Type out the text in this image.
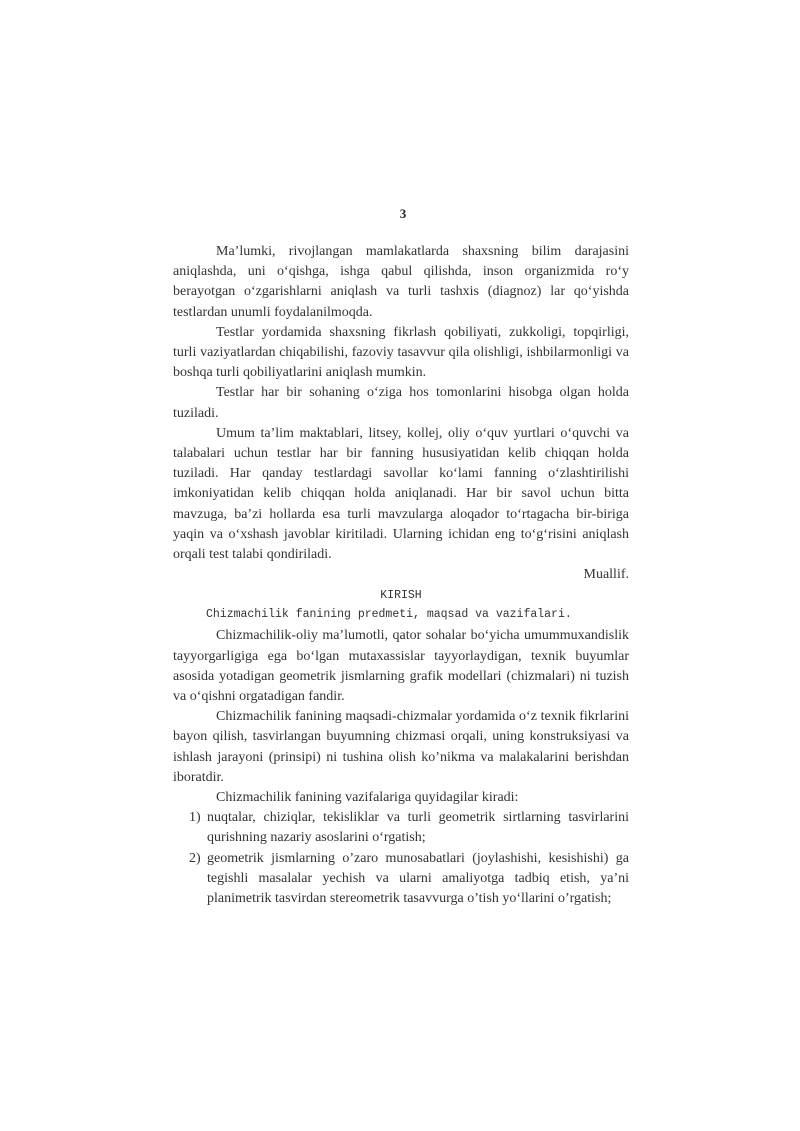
3

Ma’lumki, rivojlangan mamlakatlarda shaxsning bilim darajasini aniqlashda, uni o‘qishga, ishga qabul qilishda, inson organizmida ro‘y berayotgan o‘zgarishlarni aniqlash va turli tashxis (diagnoz) lar qo‘yishda testlardan unumli foydalanilmoqda.

Testlar yordamida shaxsning fikrlash qobiliyati, zukkoligi, topqirligi, turli vaziyatlardan chiqabilishi, fazoviy tasavvur qila olishligi, ishbilarmonligi va boshqa turli qobiliyatlarini aniqlash mumkin.

Testlar har bir sohaning o‘ziga hos tomonlarini hisobga olgan holda tuziladi.

Umum ta’lim maktablari, litsey, kollej, oliy o‘quv yurtlari o‘quvchi va talabalari uchun testlar har bir fanning hususiyatidan kelib chiqqan holda tuziladi. Har qanday testlardagi savollar ko‘lami fanning o‘zlashtirilishi imkoniyatidan kelib chiqqan holda aniqlanadi. Har bir savol uchun bitta mavzuga, ba’zi hollarda esa turli mavzularga aloqador to‘rtagacha bir-biriga yaqin va o‘xshash javoblar kiritiladi. Ularning ichidan eng to‘g‘risini aniqlash orqali test talabi qondiriladi.

Muallif.

KIRISH

Chizmachilik fanining predmeti, maqsad va vazifalari.

Chizmachilik-oliy ma’lumotli, qator sohalar bo‘yicha umummuxandislik tayyorgarligiga ega bo‘lgan mutaxassislar tayyorlaydigan, texnik buyumlar asosida yotadigan geometrik jismlarning grafik modellari (chizmalari) ni tuzish va o‘qishni orgatadigan fandir.

Chizmachilik fanining maqsadi-chizmalar yordamida o‘z texnik fikrlarini bayon qilish, tasvirlangan buyumning chizmasi orqali, uning konstruksiyasi va ishlash jarayoni (prinsipi) ni tushina olish ko’nikma va malakalarini berishdan iboratdir.

Chizmachilik fanining vazifalariga quyidagilar kiradi:

1) nuqtalar, chiziqlar, tekisliklar va turli geometrik sirtlarning tasvirlarini qurishning nazariy asoslarini o‘rgatish;
2) geometrik jismlarning o’zaro munosabatlari (joylashishi, kesishishi) ga tegishli masalalar yechish va ularni amaliyotga tadbiq etish, ya’ni planimetrik tasvirdan stereometrik tasavvurga o’tish yo‘llarini o’rgatish;
